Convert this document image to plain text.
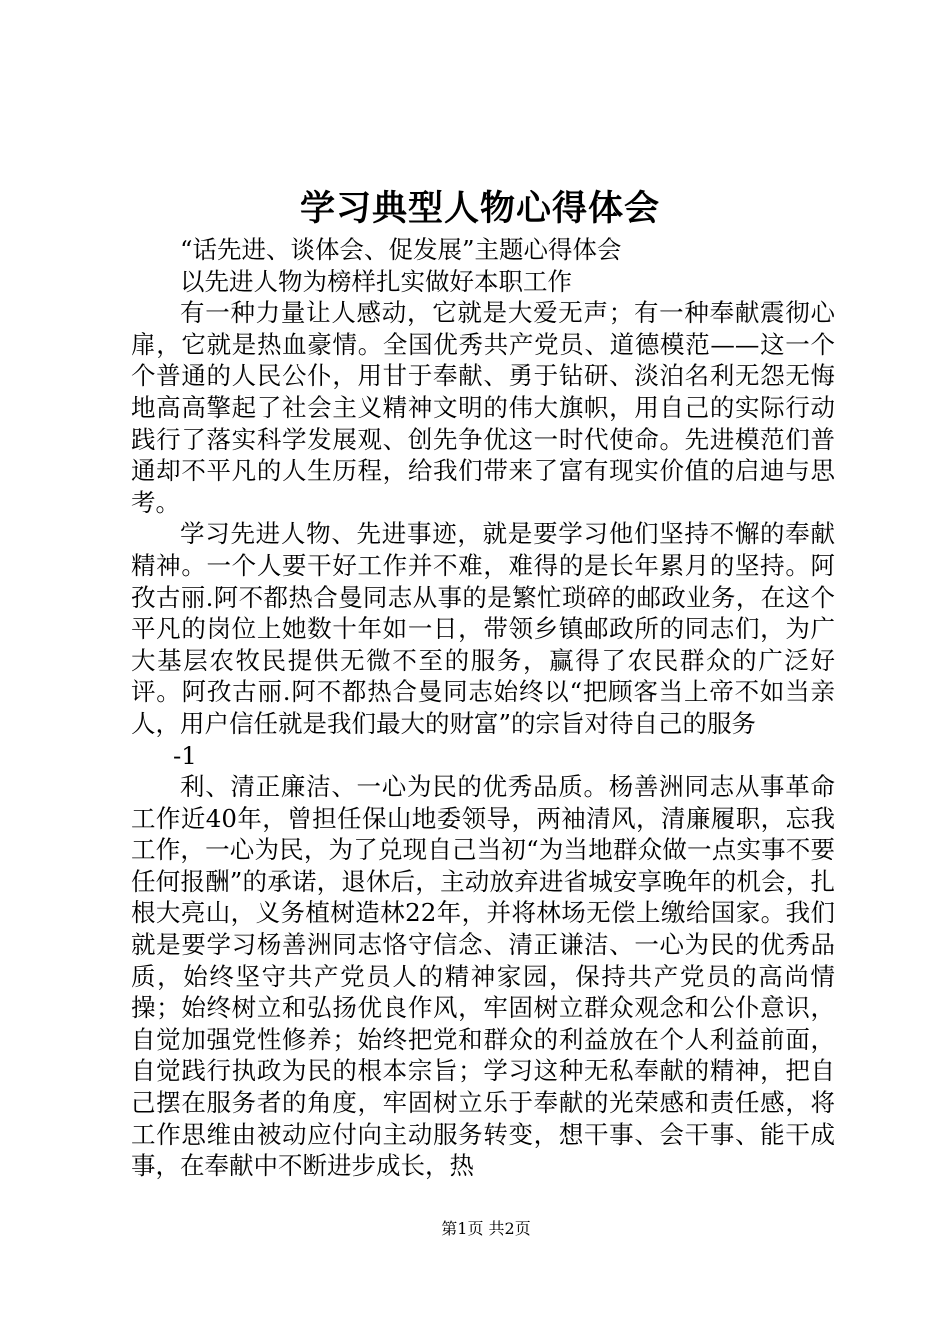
学习典型人物心得体会

“话先进、谈体会、促发展”主题心得体会

以先进人物为榜样扎实做好本职工作

有一种力量让人感动，它就是大爱无声；有一种奉献震彻心扉，它就是热血豪情。全国优秀共产党员、道德模范——这一个个普通的人民公仆，用甘于奉献、勇于钻研、淡泊名利无怨无悔地高高擎起了社会主义精神文明的伟大旗帜，用自己的实际行动践行了落实科学发展观、创先争优这一时代使命。先进模范们普通却不平凡的人生历程，给我们带来了富有现实价值的启迪与思考。

学习先进人物、先进事迹，就是要学习他们坚持不懈的奉献精神。一个人要干好工作并不难，难得的是长年累月的坚持。阿孜古丽.阿不都热合曼同志从事的是繁忙琐碎的邮政业务，在这个平凡的岗位上她数十年如一日，带领乡镇邮政所的同志们，为广大基层农牧民提供无微不至的服务，赢得了农民群众的广泛好评。阿孜古丽.阿不都热合曼同志始终以“把顾客当上帝不如当亲人，用户信任就是我们最大的财富”的宗旨对待自己的服务

-1

利、清正廉洁、一心为民的优秀品质。杨善洲同志从事革命工作近40年，曾担任保山地委领导，两袖清风，清廉履职，忘我工作，一心为民，为了兑现自己当初“为当地群众做一点实事不要任何报酬”的承诺，退休后，主动放弃进省城安享晚年的机会，扎根大亮山，义务植树造林22年，并将林场无偿上缴给国家。我们就是要学习杨善洲同志恪守信念、清正谦洁、一心为民的优秀品质，始终坚守共产党员人的精神家园，保持共产党员的高尚情操；始终树立和弘扬优良作风，牢固树立群众观念和公仆意识，自觉加强党性修养；始终把党和群众的利益放在个人利益前面，自觉践行执政为民的根本宗旨；学习这种无私奉献的精神，把自己摆在服务者的角度，牢固树立乐于奉献的光荣感和责任感，将工作思维由被动应付向主动服务转变，想干事、会干事、能干成事，在奉献中不断进步成长，热

第1页 共2页
